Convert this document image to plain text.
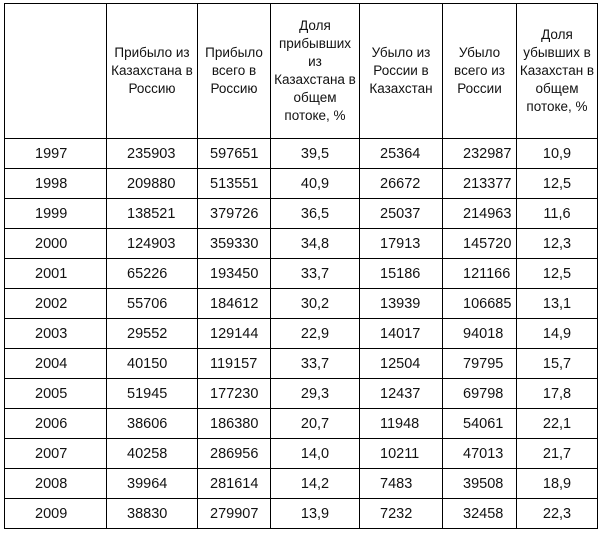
	Прибыло из Казахстана в Россию	Прибыло всего в Россию	Доля прибывших из Казахстана в общем потоке, %	Убыло из России в Казахстан	Убыло всего из России	Доля убывших в Казахстан в общем потоке, %
1997	235903	597651	39,5	25364	232987	10,9
1998	209880	513551	40,9	26672	213377	12,5
1999	138521	379726	36,5	25037	214963	11,6
2000	124903	359330	34,8	17913	145720	12,3
2001	65226	193450	33,7	15186	121166	12,5
2002	55706	184612	30,2	13939	106685	13,1
2003	29552	129144	22,9	14017	94018	14,9
2004	40150	119157	33,7	12504	79795	15,7
2005	51945	177230	29,3	12437	69798	17,8
2006	38606	186380	20,7	11948	54061	22,1
2007	40258	286956	14,0	10211	47013	21,7
2008	39964	281614	14,2	7483	39508	18,9
2009	38830	279907	13,9	7232	32458	22,3
